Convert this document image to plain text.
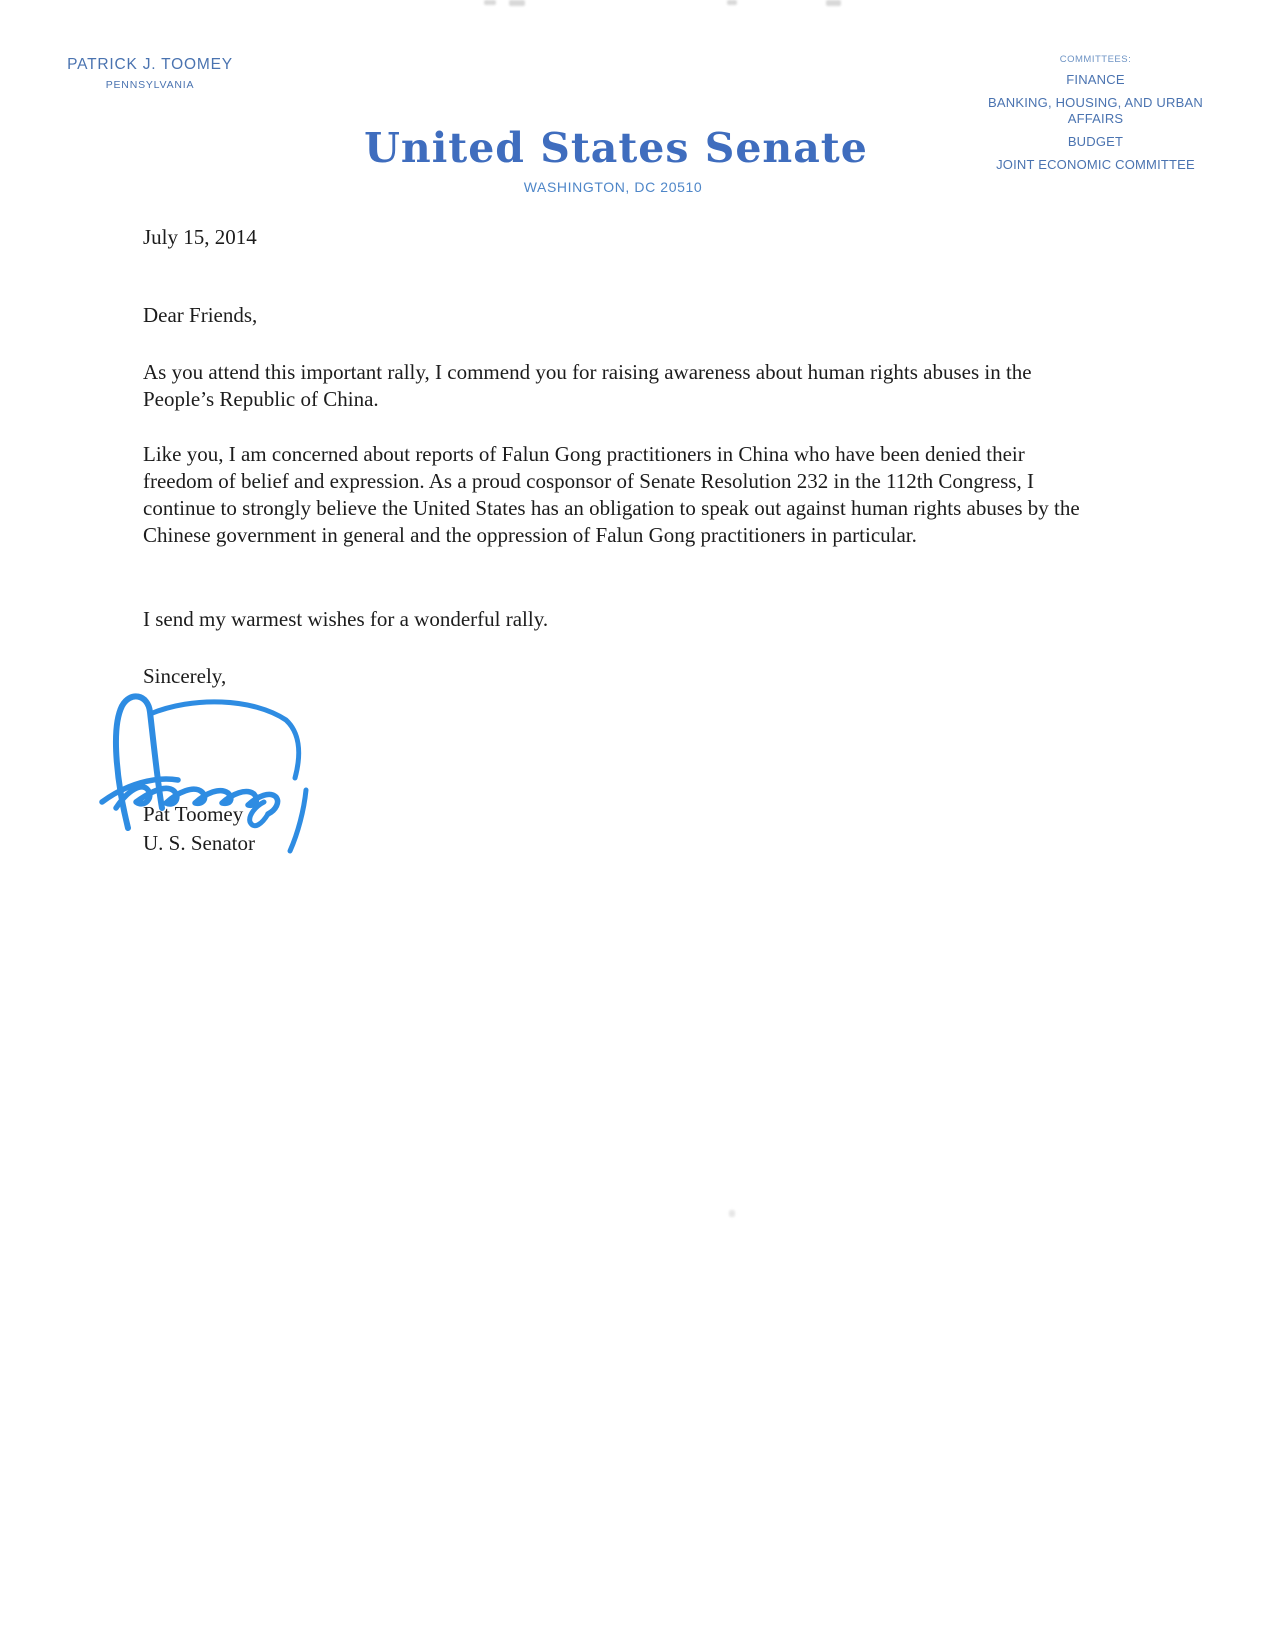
PATRICK J. TOOMEY
PENNSYLVANIA
United States Senate
WASHINGTON, DC 20510
COMMITTEES:
FINANCE
BANKING, HOUSING, AND URBAN AFFAIRS
BUDGET
JOINT ECONOMIC COMMITTEE
July 15, 2014
Dear Friends,

As you attend this important rally, I commend you for raising awareness about human rights abuses in the People’s Republic of China.

Like you, I am concerned about reports of Falun Gong practitioners in China who have been denied their freedom of belief and expression. As a proud cosponsor of Senate Resolution 232 in the 112th Congress, I continue to strongly believe the United States has an obligation to speak out against human rights abuses by the Chinese government in general and the oppression of Falun Gong practitioners in particular.

I send my warmest wishes for a wonderful rally.

Sincerely,
Pat Toomey
U. S. Senator
